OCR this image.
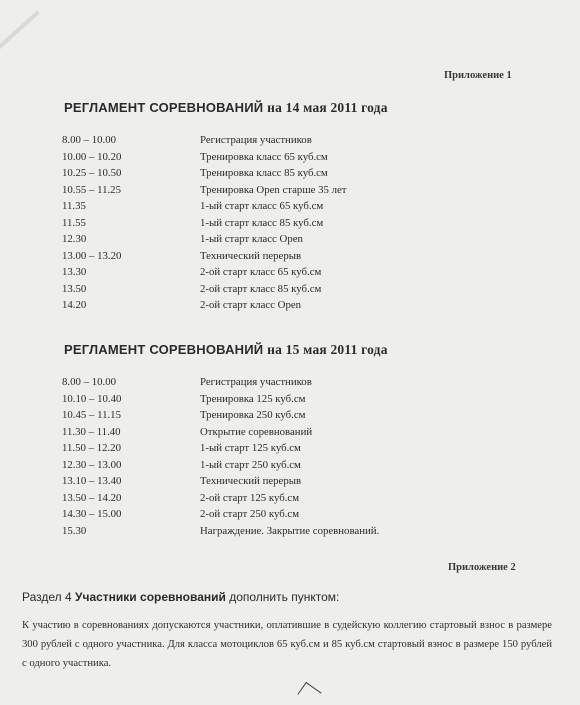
Приложение 1
РЕГЛАМЕНТ СОРЕВНОВАНИЙ на 14 мая 2011 года
8.00 – 10.00	Регистрация участников
10.00 – 10.20	Тренировка класс 65 куб.см
10.25 – 10.50	Тренировка класс 85 куб.см
10.55 – 11.25	Тренировка Open старше 35 лет
11.35	1-ый старт класс 65 куб.см
11.55	1-ый старт класс 85 куб.см
12.30	1-ый старт класс Open
13.00 – 13.20	Технический перерыв
13.30	2-ой старт класс 65 куб.см
13.50	2-ой старт класс 85 куб.см
14.20	2-ой старт класс Open
РЕГЛАМЕНТ СОРЕВНОВАНИЙ на 15 мая 2011 года
8.00 – 10.00	Регистрация участников
10.10 – 10.40	Тренировка 125 куб.см
10.45 – 11.15	Тренировка 250 куб.см
11.30 – 11.40	Открытие соревнований
11.50 – 12.20	1-ый старт 125 куб.см
12.30 – 13.00	1-ый старт 250 куб.см
13.10 – 13.40	Технический перерыв
13.50 – 14.20	2-ой старт 125 куб.см
14.30 – 15.00	2-ой старт 250 куб.см
15.30	Награждение. Закрытие соревнований.
Приложение 2
Раздел 4 Участники соревнований дополнить пунктом:
К участию в соревнованиях допускаются участники, оплатившие в судейскую коллегию стартовый взнос в размере 300 рублей с одного участника. Для класса мотоциклов 65 куб.см и 85 куб.см стартовый взнос в размере 150 рублей с одного участника.
